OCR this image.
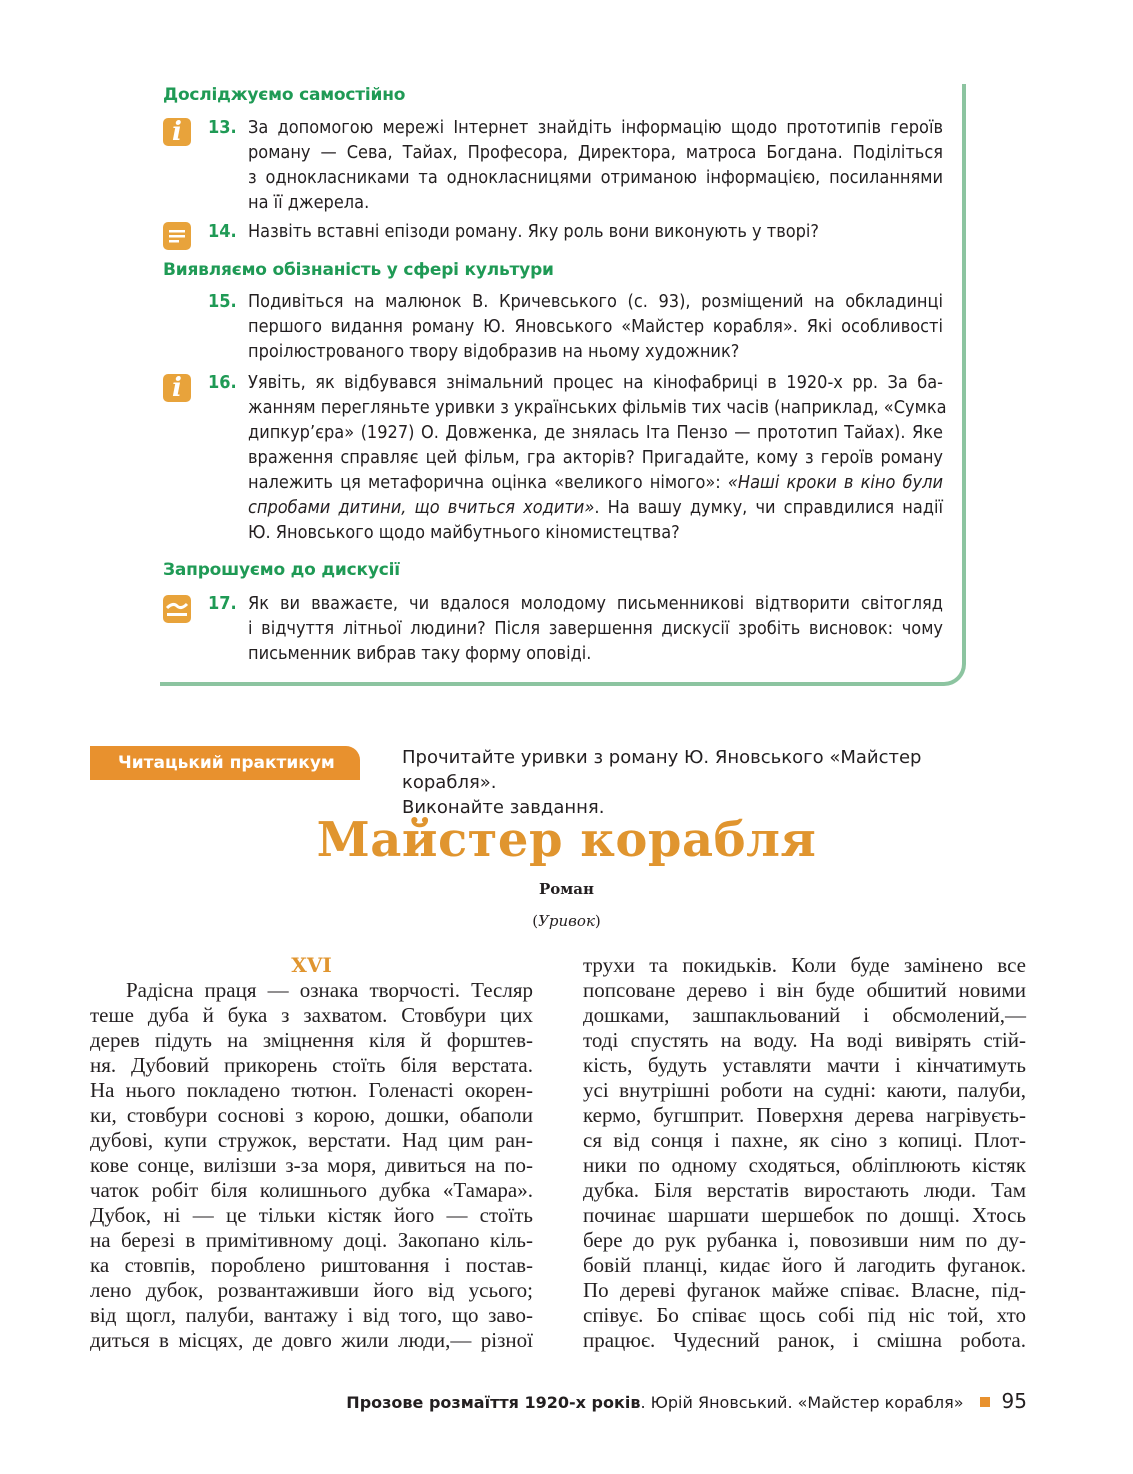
Досліджуємо самостійно
i	13. За допомогою мережі Інтернет знайдіть інформацію щодо прототипів героїв
роману — Сева, Тайах, Професора, Директора, матроса Богдана. Поділіться
з однокласниками та однокласницями отриманою інформацією, посиланнями
на її джерела.
14. Назвіть вставні епізоди роману. Яку роль вони виконують у творі?
Виявляємо обізнаність у сфері культури
15. Подивіться на малюнок В. Кричевського (с. 93), розміщений на обкладинці
першого видання роману Ю. Яновського «Майстер корабля». Які особливості
проілюстрованого твору відобразив на ньому художник?
i	16. Уявіть, як відбувався знімальний процес на кінофабриці в 1920-х рр. За ба-
жанням перегляньте уривки з українських фільмів тих часів (наприклад, «Сумка
дипкур’єра» (1927) О. Довженка, де знялась Іта Пензо — прототип Тайах). Яке
враження справляє цей фільм, гра акторів? Пригадайте, кому з героїв роману
належить ця метафорична оцінка «великого німого»: «Наші кроки в кіно були
спробами дитини, що вчиться ходити». На вашу думку, чи справдилися надії
Ю. Яновського щодо майбутнього кіномистецтва?
Запрошуємо до дискусії
17. Як ви вважаєте, чи вдалося молодому письменникові відтворити світогляд
і відчуття літньої людини? Після завершення дискусії зробіть висновок: чому
письменник вибрав таку форму оповіді.
Читацький практикум	Прочитайте уривки з роману Ю. Яновського «Майстер корабля».
Виконайте завдання.
Майстер корабля
Роман
(Уривок)
XVI
Радісна праця — ознака творчості. Тесляр
теше дуба й бука з захватом. Стовбури цих
дерев підуть на зміцнення кіля й форштев-
ня. Дубовий прикорень стоїть біля верстата.
На нього покладено тютюн. Голенасті окорен-
ки, стовбури соснові з корою, дошки, обаполи
дубові, купи стружок, верстати. Над цим ран-
кове сонце, вилізши з-за моря, дивиться на по-
чаток робіт біля колишнього дубка «Тамара».
Дубок, ні — це тільки кістяк його — стоїть
на березі в примітивному доці. Закопано кіль-
ка стовпів, пороблено риштовання і постав-
лено дубок, розвантаживши його від усього;
від щогл, палуби, вантажу і від того, що заво-
диться в місцях, де довго жили люди,— різної
трухи та покидьків. Коли буде замінено все
попсоване дерево і він буде обшитий новими
дошками, зашпакльований і обсмолений,—
тоді спустять на воду. На воді вивірять стій-
кість, будуть уставляти мачти і кінчатимуть
усі внутрішні роботи на судні: каюти, палуби,
кермо, бугшприт. Поверхня дерева нагрівуєть-
ся від сонця і пахне, як сіно з копиці. Плот-
ники по одному сходяться, обліплюють кістяк
дубка. Біля верстатів виростають люди. Там
починає шаршати шершебок по дошці. Хтось
бере до рук рубанка і, повозивши ним по ду-
бовій планці, кидає його й лагодить фуганок.
По дереві фуганок майже співає. Власне, під-
співує. Бо співає щось собі під ніс той, хто
працює. Чудесний ранок, і смішна робота.
Прозове розмаїття 1920-х років. Юрій Яновський. «Майстер корабля» 95
